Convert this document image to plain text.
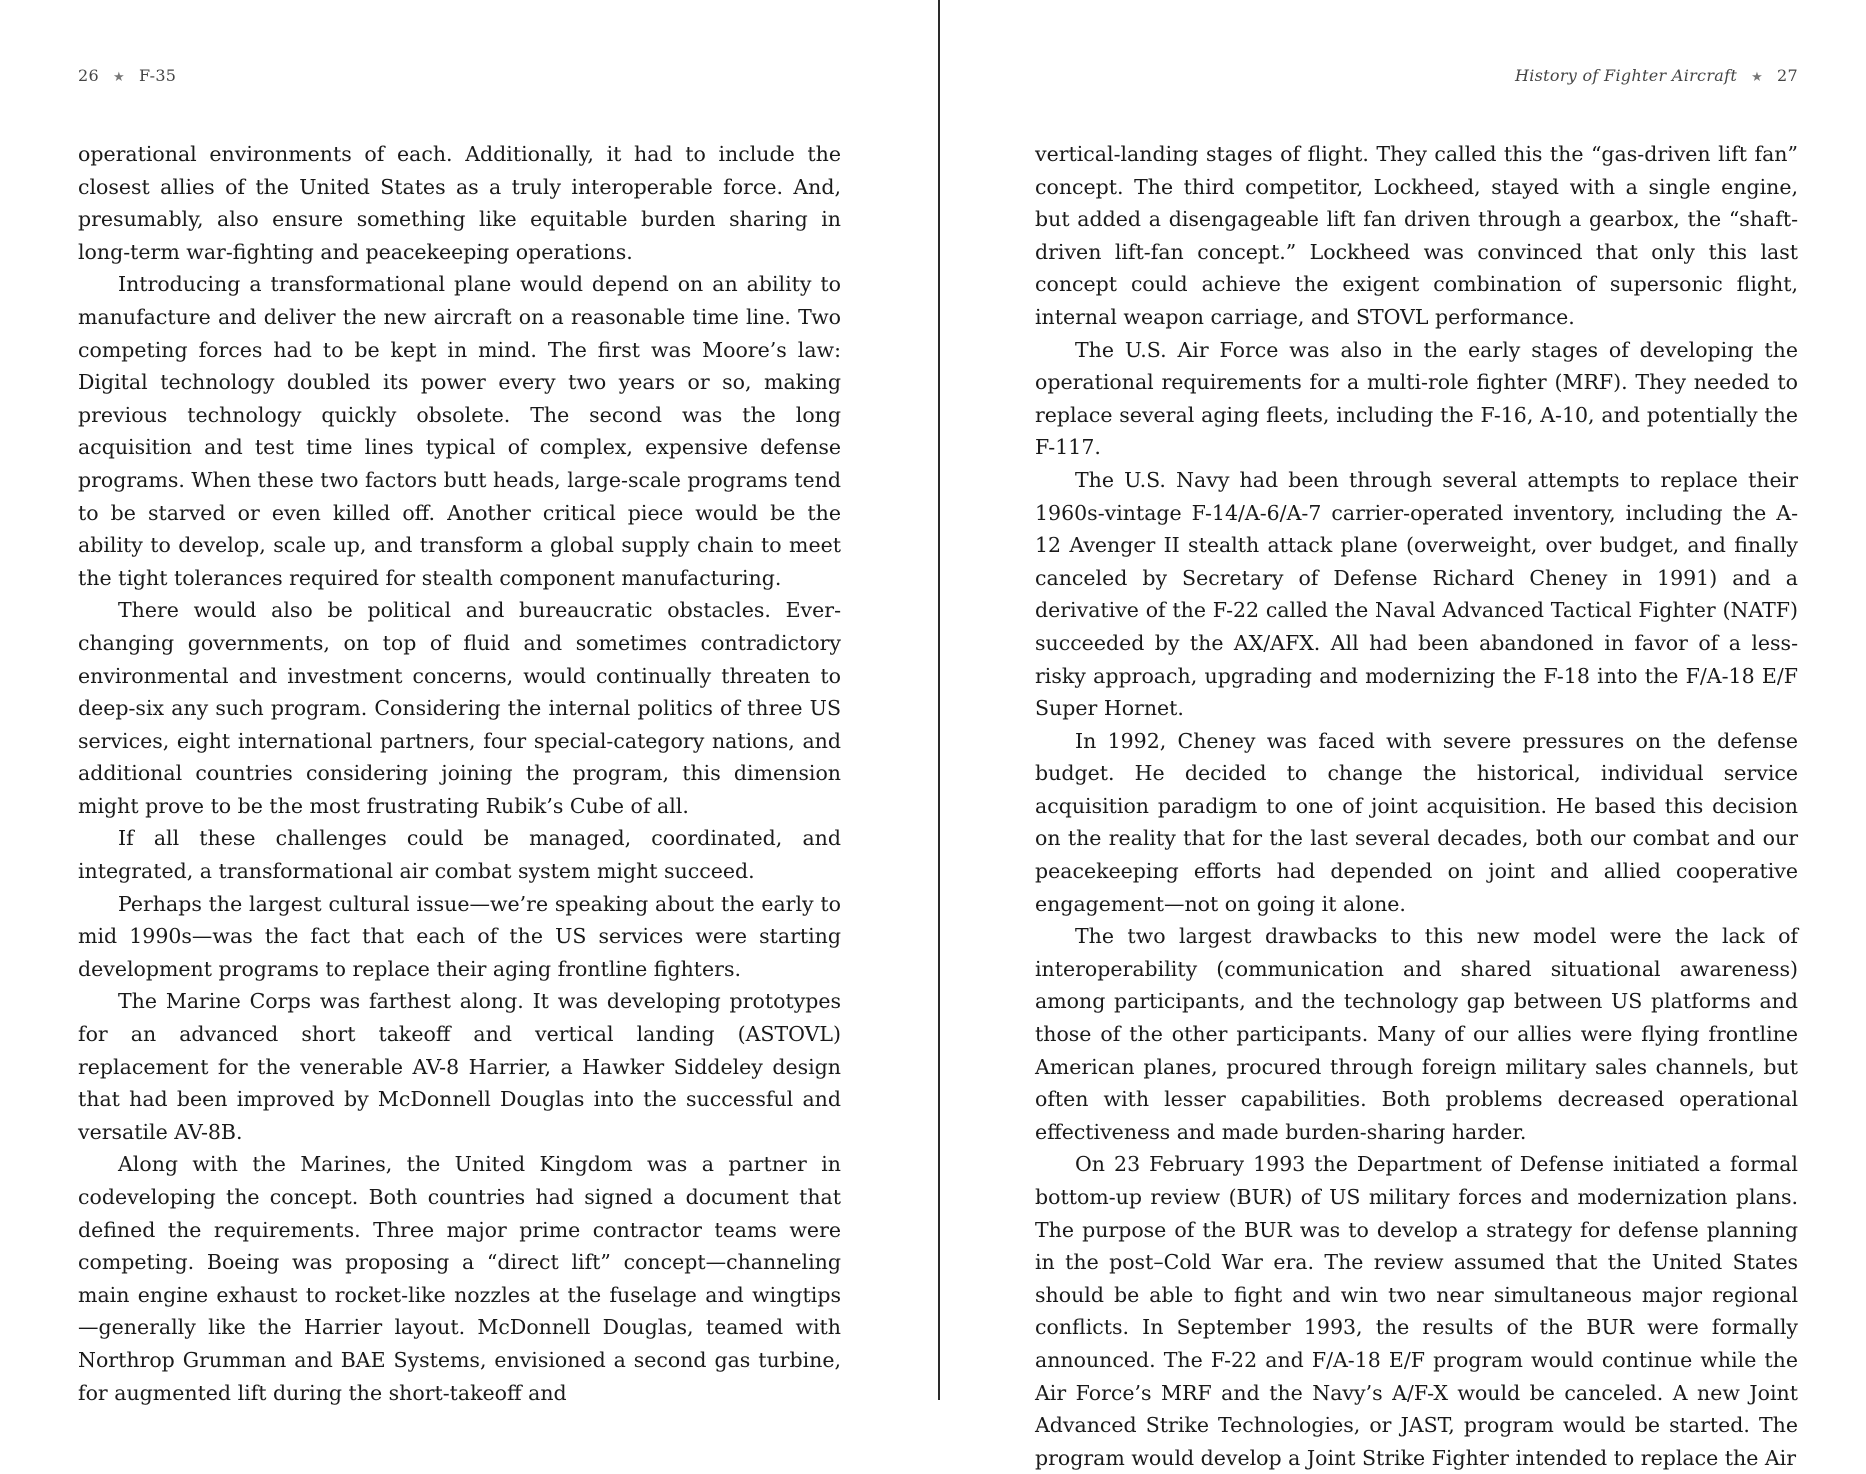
26 ★ F-35

operational environments of each. Additionally, it had to include the closest allies of the United States as a truly interoperable force. And, presumably, also ensure something like equitable burden sharing in long-term war-fighting and peacekeeping operations.

Introducing a transformational plane would depend on an ability to manufacture and deliver the new aircraft on a reasonable time line. Two competing forces had to be kept in mind. The first was Moore’s law: Digital technology doubled its power every two years or so, making previous technology quickly obsolete. The second was the long acquisition and test time lines typical of complex, expensive defense programs. When these two factors butt heads, large-scale programs tend to be starved or even killed off. Another critical piece would be the ability to develop, scale up, and transform a global supply chain to meet the tight tolerances required for stealth component manufacturing.

There would also be political and bureaucratic obstacles. Ever-changing governments, on top of fluid and sometimes contradictory environmental and investment concerns, would continually threaten to deep-six any such program. Considering the internal politics of three US services, eight international partners, four special-category nations, and additional countries considering joining the program, this dimension might prove to be the most frustrating Rubik’s Cube of all.

If all these challenges could be managed, coordinated, and integrated, a transformational air combat system might succeed.

Perhaps the largest cultural issue—we’re speaking about the early to mid 1990s—was the fact that each of the US services were starting development programs to replace their aging frontline fighters.

The Marine Corps was farthest along. It was developing prototypes for an advanced short takeoff and vertical landing (ASTOVL) replacement for the venerable AV-8 Harrier, a Hawker Siddeley design that had been improved by McDonnell Douglas into the successful and versatile AV-8B.

Along with the Marines, the United Kingdom was a partner in codeveloping the concept. Both countries had signed a document that defined the requirements. Three major prime contractor teams were competing. Boeing was proposing a “direct lift” concept—channeling main engine exhaust to rocket-like nozzles at the fuselage and wingtips—generally like the Harrier layout. McDonnell Douglas, teamed with Northrop Grumman and BAE Systems, envisioned a second gas turbine, for augmented lift during the short-takeoff and

History of Fighter Aircraft ★ 27

vertical-landing stages of flight. They called this the “gas-driven lift fan” concept. The third competitor, Lockheed, stayed with a single engine, but added a disengageable lift fan driven through a gearbox, the “shaft-driven lift-fan concept.” Lockheed was convinced that only this last concept could achieve the exigent combination of supersonic flight, internal weapon carriage, and STOVL performance.

The U.S. Air Force was also in the early stages of developing the operational requirements for a multi-role fighter (MRF). They needed to replace several aging fleets, including the F-16, A-10, and potentially the F-117.

The U.S. Navy had been through several attempts to replace their 1960s-vintage F-14/A-6/A-7 carrier-operated inventory, including the A-12 Avenger II stealth attack plane (overweight, over budget, and finally canceled by Secretary of Defense Richard Cheney in 1991) and a derivative of the F-22 called the Naval Advanced Tactical Fighter (NATF) succeeded by the AX/AFX. All had been abandoned in favor of a less-risky approach, upgrading and modernizing the F-18 into the F/A-18 E/F Super Hornet.

In 1992, Cheney was faced with severe pressures on the defense budget. He decided to change the historical, individual service acquisition paradigm to one of joint acquisition. He based this decision on the reality that for the last several decades, both our combat and our peacekeeping efforts had depended on joint and allied cooperative engagement—not on going it alone.

The two largest drawbacks to this new model were the lack of interoperability (communication and shared situational awareness) among participants, and the technology gap between US platforms and those of the other participants. Many of our allies were flying frontline American planes, procured through foreign military sales channels, but often with lesser capabilities. Both problems decreased operational effectiveness and made burden-sharing harder.

On 23 February 1993 the Department of Defense initiated a formal bottom-up review (BUR) of US military forces and modernization plans. The purpose of the BUR was to develop a strategy for defense planning in the post–Cold War era. The review assumed that the United States should be able to fight and win two near simultaneous major regional conflicts. In September 1993, the results of the BUR were formally announced. The F-22 and F/A-18 E/F program would continue while the Air Force’s MRF and the Navy’s A/F-X would be canceled. A new Joint Advanced Strike Technologies, or JAST, program would be started. The program would develop a Joint Strike Fighter intended to replace the Air
